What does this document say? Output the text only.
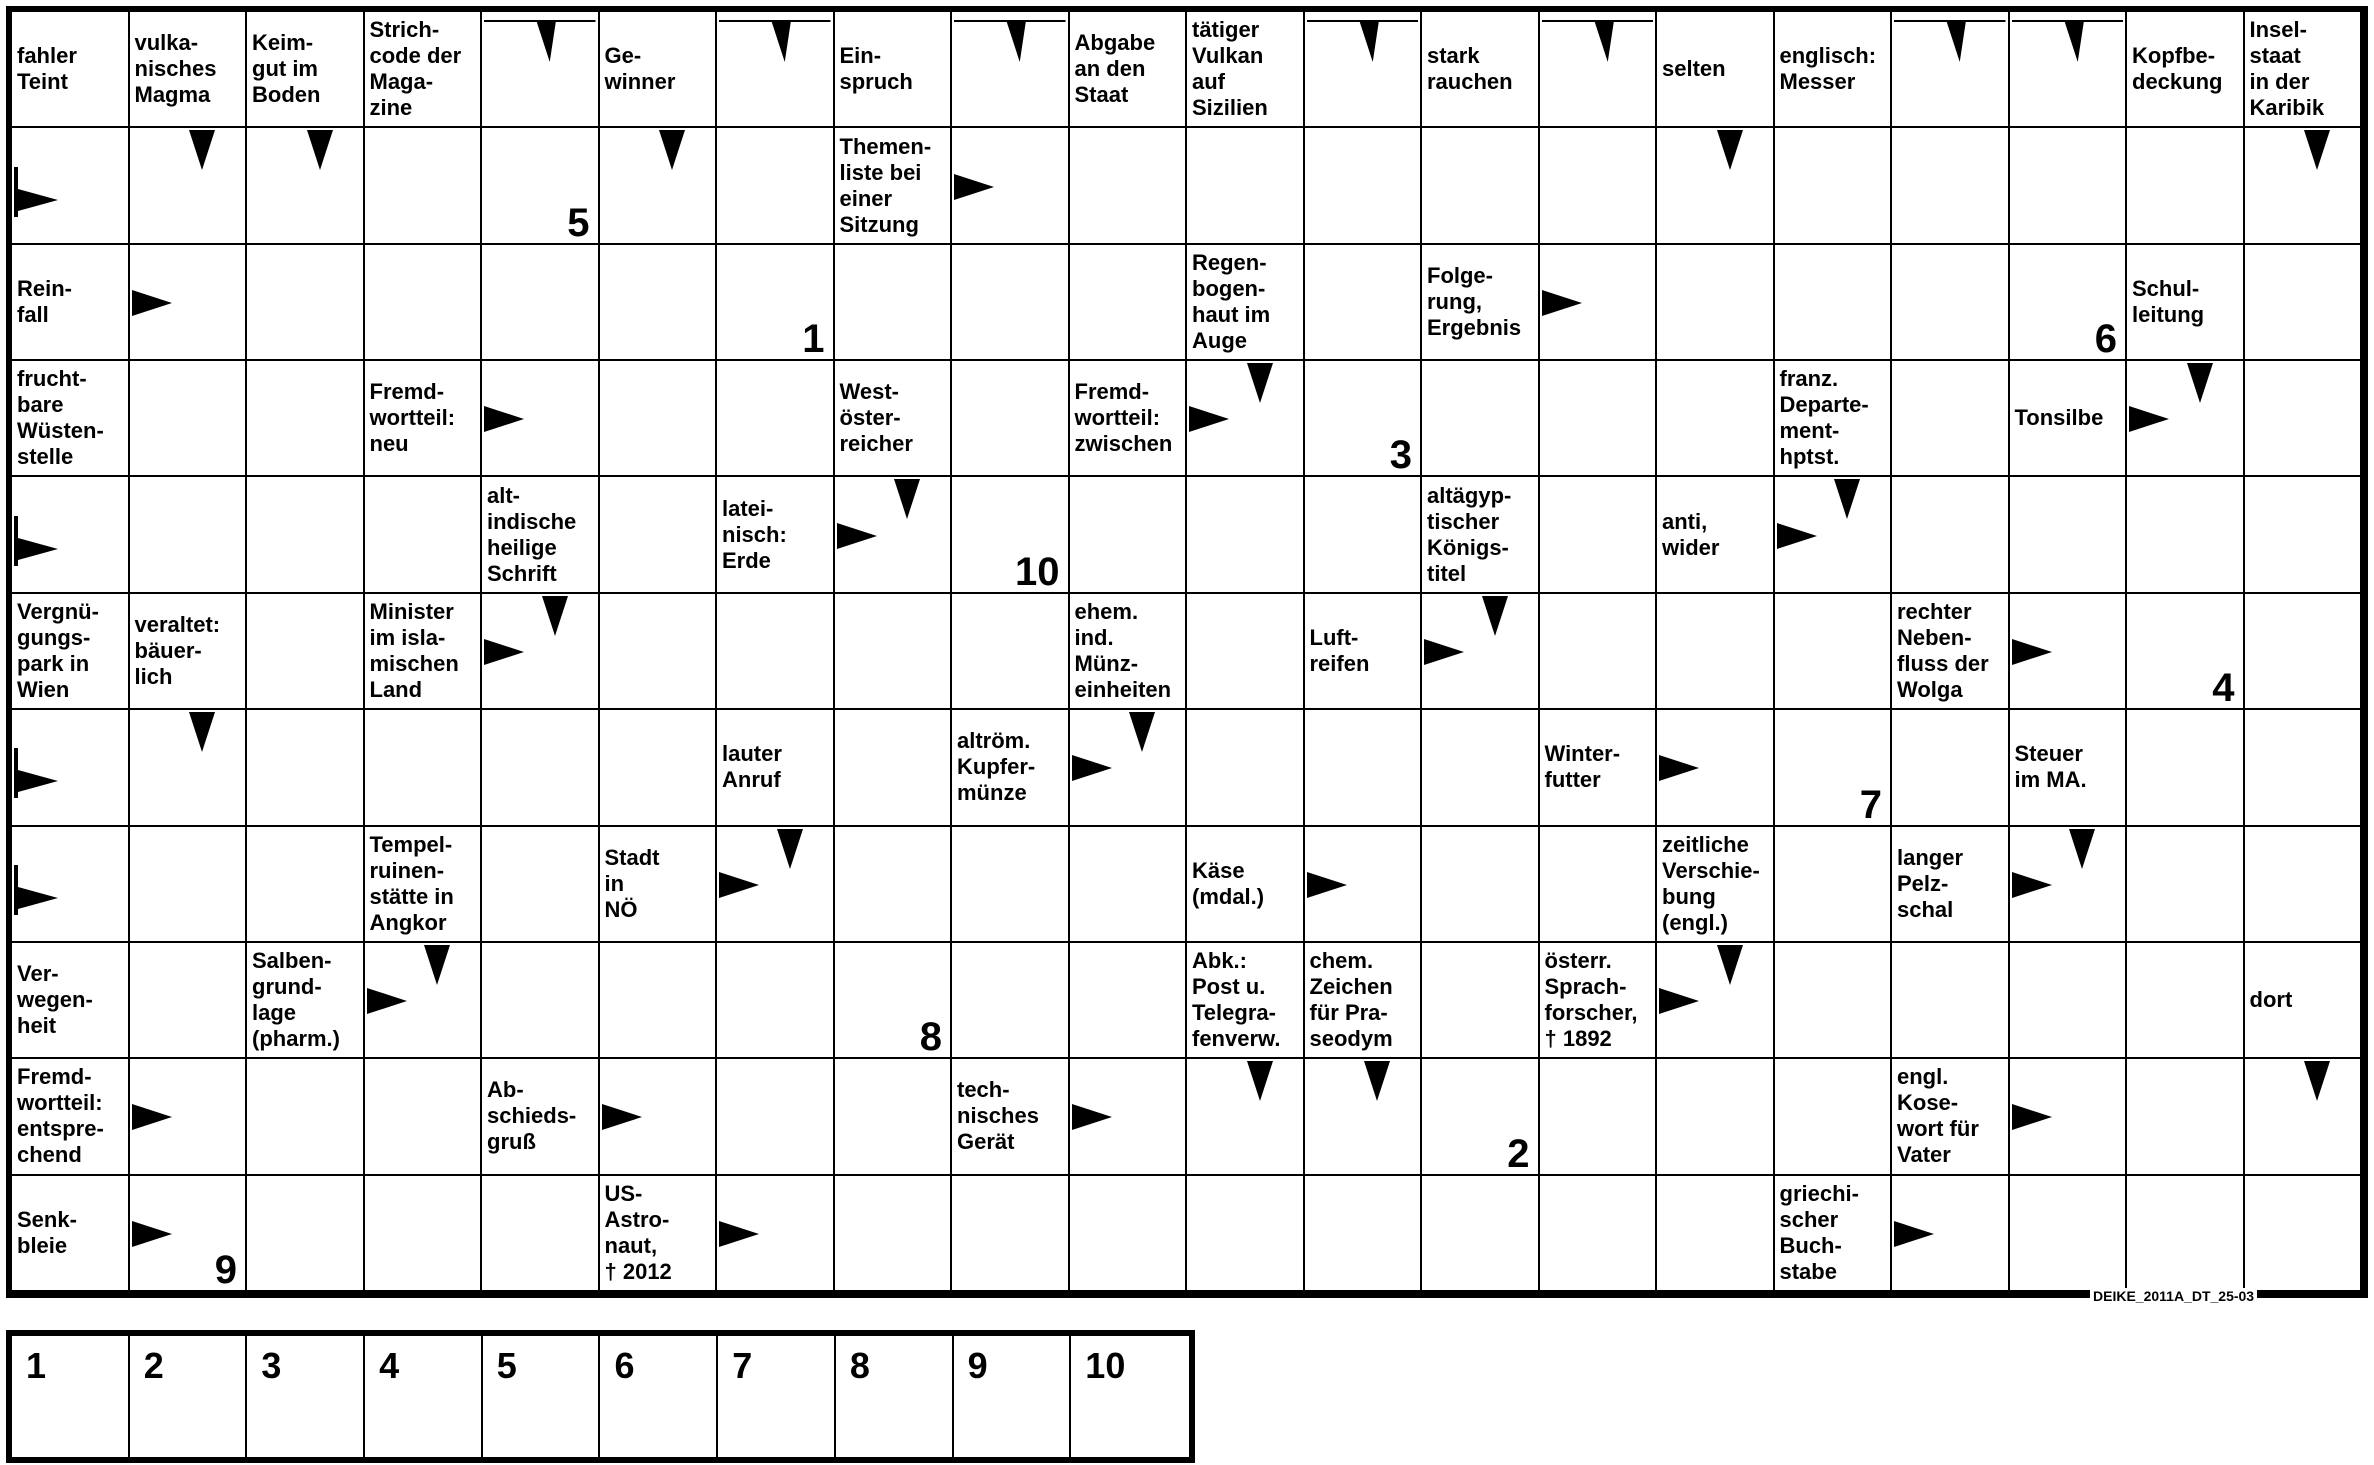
fahler
Teint
vulka-
nisches
Magma
Keim-
gut im
Boden
Strich-
code der
Maga-
zine
Ge-
winner
Ein-
spruch
Abgabe
an den
Staat
tätiger
Vulkan
auf
Sizilien
stark
rauchen
selten
englisch:
Messer
Kopfbe-
deckung
Insel-
staat
in der
Karibik
5
Themen-
liste bei
einer
Sitzung
Rein-
fall
1
Regen-
bogen-
haut im
Auge
Folge-
rung,
Ergebnis	6
Schul-
leitung
frucht-
bare
Wüsten-
stelle
Fremd-
wortteil:
neu
West-
öster-
reicher
Fremd-
wortteil:
zwischen	3
franz.
Departe-
ment-
hptst.
Tonsilbe
alt-
indische
heilige
Schrift
latei-
nisch:
Erde	10
altägyp-
tischer
Königs-
titel
anti,
wider
Vergnü-
gungs-
park in
Wien
veraltet:
bäuer-
lich
Minister
im isla-
mischen
Land
ehem.
ind.
Münz-
einheiten
Luft-
reifen
rechter
Neben-
fluss der
Wolga	4
lauter
Anruf
altröm.
Kupfer-
münze
Winter-
futter
7
Steuer
im MA.
Tempel-
ruinen-
stätte in
Angkor
Stadt
in
NÖ
Käse
(mdal.)
zeitliche
Verschie-
bung
(engl.)
langer
Pelz-
schal
Ver-
wegen-
heit
Salben-
grund-
lage
(pharm.)	8
Abk.:
Post u.
Telegra-
fenverw.
chem.
Zeichen
für Pra-
seodym
österr.
Sprach-
forscher,
† 1892
dort
Fremd-
wortteil:
entspre-
chend
Ab-
schieds-
gruß
tech-
nisches
Gerät	2
engl.
Kose-
wort für
Vater
Senk-
bleie
9
US-
Astro-
naut,
† 2012
griechi-
scher
Buch-
stabe
DEIKE_2011A_DT_25-03
1	2	3	4	5	6	7	8	9	10
